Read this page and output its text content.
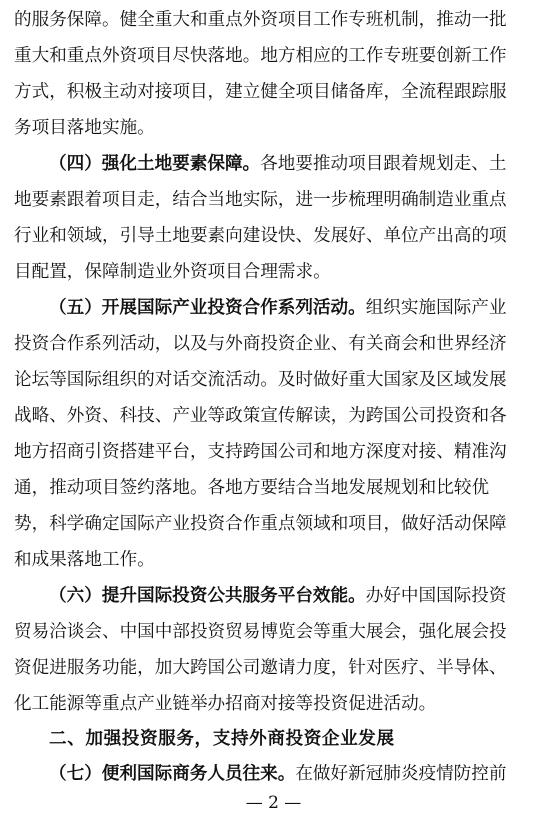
的服务保障。健全重大和重点外资项目工作专班机制，推动一批
重大和重点外资项目尽快落地。地方相应的工作专班要创新工作
方式，积极主动对接项目，建立健全项目储备库，全流程跟踪服
务项目落地实施。
（四）强化土地要素保障。各地要推动项目跟着规划走、土
地要素跟着项目走，结合当地实际，进一步梳理明确制造业重点
行业和领域，引导土地要素向建设快、发展好、单位产出高的项
目配置，保障制造业外资项目合理需求。
（五）开展国际产业投资合作系列活动。组织实施国际产业
投资合作系列活动，以及与外商投资企业、有关商会和世界经济
论坛等国际组织的对话交流活动。及时做好重大国家及区域发展
战略、外资、科技、产业等政策宣传解读，为跨国公司投资和各
地方招商引资搭建平台，支持跨国公司和地方深度对接、精准沟
通，推动项目签约落地。各地方要结合当地发展规划和比较优
势，科学确定国际产业投资合作重点领域和项目，做好活动保障
和成果落地工作。
（六）提升国际投资公共服务平台效能。办好中国国际投资
贸易洽谈会、中国中部投资贸易博览会等重大展会，强化展会投
资促进服务功能，加大跨国公司邀请力度，针对医疗、半导体、
化工能源等重点产业链举办招商对接等投资促进活动。
二、加强投资服务，支持外商投资企业发展
（七）便利国际商务人员往来。在做好新冠肺炎疫情防控前
— 2 —
